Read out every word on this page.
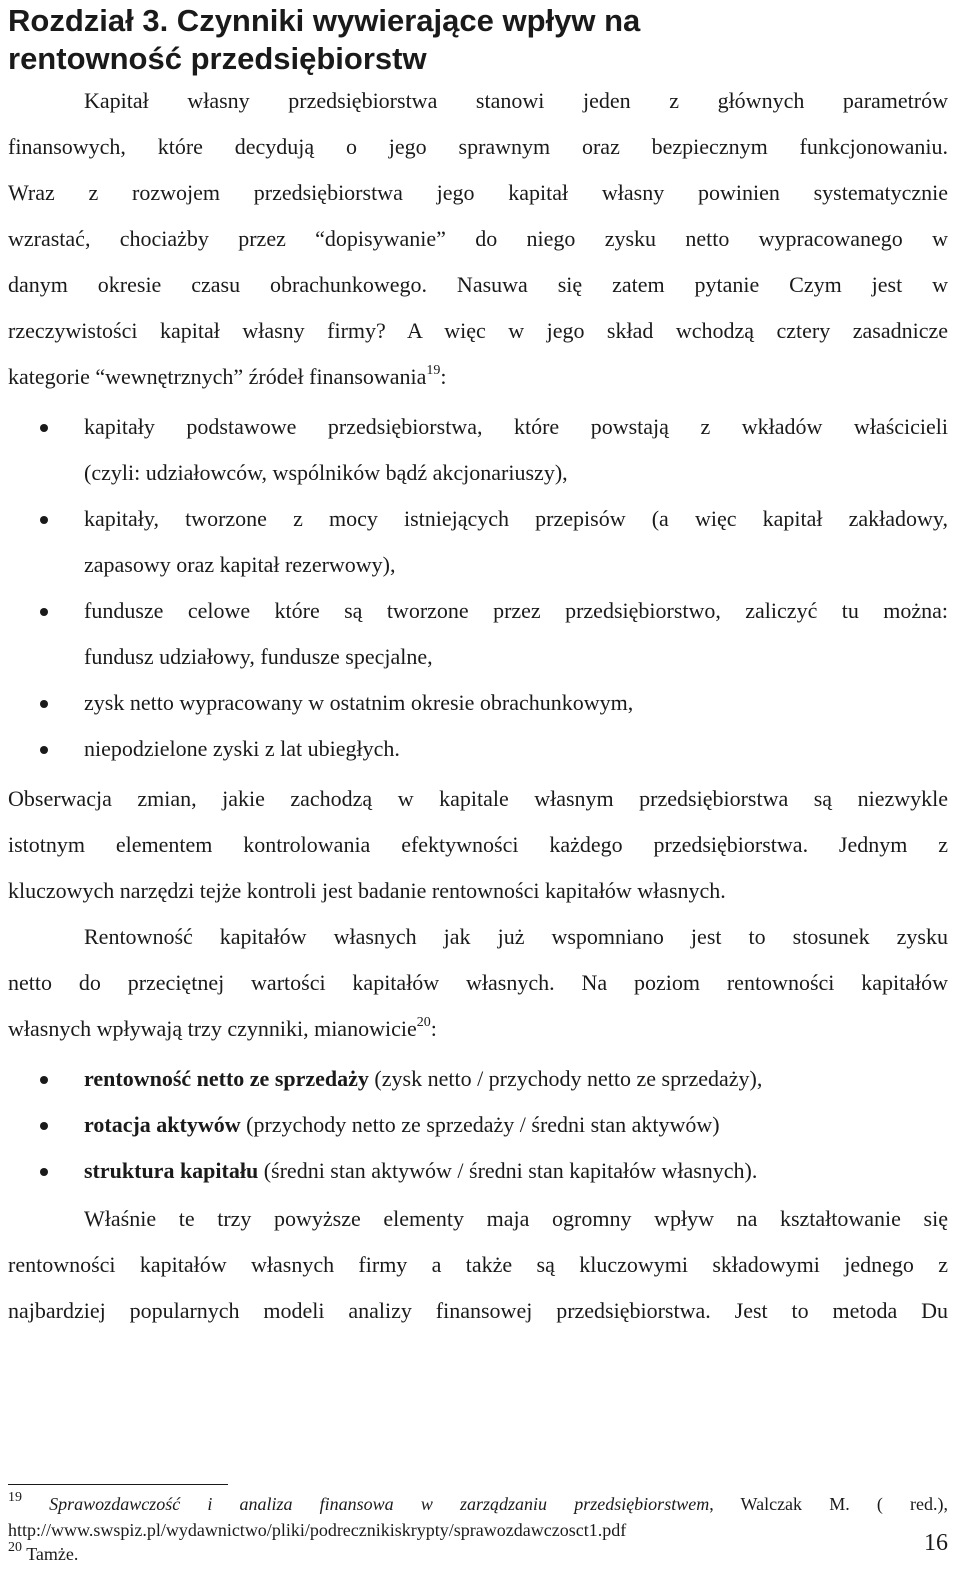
Rozdział 3. Czynniki wywierające wpływ na
rentowność przedsiębiorstw
Kapitał własny przedsiębiorstwa stanowi jeden z głównych parametrów
finansowych, które decydują o jego sprawnym oraz bezpiecznym funkcjonowaniu.
Wraz z rozwojem przedsiębiorstwa jego kapitał własny powinien systematycznie
wzrastać, chociażby przez “dopisywanie” do niego zysku netto wypracowanego w
danym okresie czasu obrachunkowego. Nasuwa się zatem pytanie Czym jest w
rzeczywistości kapitał własny firmy? A więc w jego skład wchodzą cztery zasadnicze
kategorie “wewnętrznych” źródeł finansowania$^{19}$:
kapitały podstawowe przedsiębiorstwa, które powstają z wkładów właścicieli
(czyli: udziałowców, wspólników bądź akcjonariuszy),
kapitały, tworzone z mocy istniejących przepisów (a więc kapitał zakładowy,
zapasowy oraz kapitał rezerwowy),
fundusze celowe które są tworzone przez przedsiębiorstwo, zaliczyć tu można:
fundusz udziałowy, fundusze specjalne,
zysk netto wypracowany w ostatnim okresie obrachunkowym,
niepodzielone zyski z lat ubiegłych.
Obserwacja zmian, jakie zachodzą w kapitale własnym przedsiębiorstwa są niezwykle
istotnym elementem kontrolowania efektywności każdego przedsiębiorstwa. Jednym z
kluczowych narzędzi tejże kontroli jest badanie rentowności kapitałów własnych.
Rentowność kapitałów własnych jak już wspomniano jest to stosunek zysku
netto do przeciętnej wartości kapitałów własnych. Na poziom rentowności kapitałów
własnych wpływają trzy czynniki, mianowicie$^{20}$:
rentowność netto ze sprzedaży (zysk netto / przychody netto ze sprzedaży),
rotacja aktywów (przychody netto ze sprzedaży / średni stan aktywów)
struktura kapitału (średni stan aktywów / średni stan kapitałów własnych).
Właśnie te trzy powyższe elementy maja ogromny wpływ na kształtowanie się
rentowności kapitałów własnych firmy a także są kluczowymi składowymi jednego z
najbardziej popularnych modeli analizy finansowej przedsiębiorstwa. Jest to metoda Du
$^{19}$ Sprawozdawczość i analiza finansowa w zarządzaniu przedsiębiorstwem, Walczak M. ( red.),
http://www.swspiz.pl/wydawnictwo/pliki/podrecznikiskrypty/sprawozdawczosct1.pdf
$^{20}$ Tamże.	16
